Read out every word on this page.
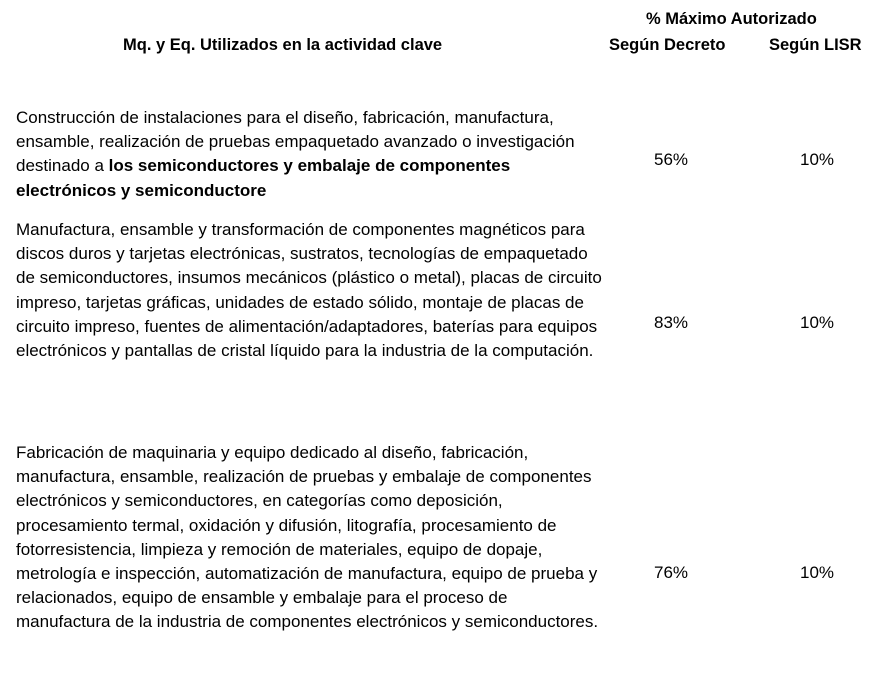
% Máximo Autorizado
Mq. y Eq. Utilizados en la actividad clave	Según Decreto	Según LISR

Construcción de instalaciones para el diseño, fabricación, manufactura, ensamble, realización de pruebas empaquetado avanzado o investigación destinado a los semiconductores y embalaje de componentes electrónicos y semiconductore

56%	10%

Manufactura, ensamble y transformación de componentes magnéticos para discos duros y tarjetas electrónicas, sustratos, tecnologías de empaquetado de semiconductores, insumos mecánicos (plástico o metal), placas de circuito impreso, tarjetas gráficas, unidades de estado sólido, montaje de placas de circuito impreso, fuentes de alimentación/adaptadores, baterías para equipos electrónicos y pantallas de cristal líquido para la industria de la computación.

83%	10%

Fabricación de maquinaria y equipo dedicado al diseño, fabricación, manufactura, ensamble, realización de pruebas y embalaje de componentes electrónicos y semiconductores, en categorías como deposición, procesamiento termal, oxidación y difusión, litografía, procesamiento de fotorresistencia, limpieza y remoción de materiales, equipo de dopaje, metrología e inspección, automatización de manufactura, equipo de prueba y relacionados, equipo de ensamble y embalaje para el proceso de manufactura de la industria de componentes electrónicos y semiconductores.

76%	10%
